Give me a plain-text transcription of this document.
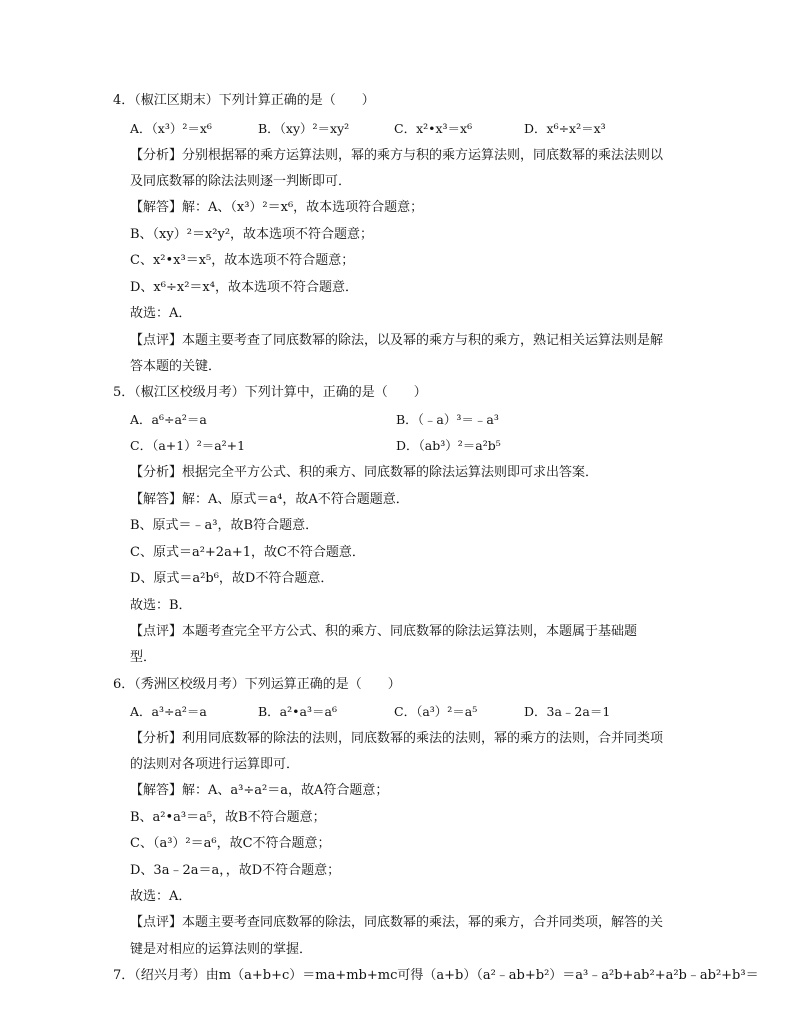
4．（椒江区期末）下列计算正确的是（　　）
A．（x³）²＝x⁶	B．（xy）²＝xy²	C．x²•x³＝x⁶	D．x⁶÷x²＝x³
【分析】分别根据幂的乘方运算法则，幂的乘方与积的乘方运算法则，同底数幂的乘法法则以
及同底数幂的除法法则逐一判断即可．
【解答】解：A、（x³）²＝x⁶，故本选项符合题意；
B、（xy）²＝x²y²，故本选项不符合题意；
C、x²•x³＝x⁵，故本选项不符合题意；
D、x⁶÷x²＝x⁴，故本选项不符合题意．
故选：A．
【点评】本题主要考查了同底数幂的除法，以及幂的乘方与积的乘方，熟记相关运算法则是解
答本题的关键．
5．（椒江区校级月考）下列计算中，正确的是（　　）
A．a⁶÷a²＝a	B．（﹣a）³＝﹣a³
C．（a+1）²＝a²+1	D．（ab³）²＝a²b⁵
【分析】根据完全平方公式、积的乘方、同底数幂的除法运算法则即可求出答案．
【解答】解：A、原式＝a⁴，故A不符合题题意．
B、原式＝﹣a³，故B符合题意．
C、原式＝a²+2a+1，故C不符合题意．
D、原式＝a²b⁶，故D不符合题意．
故选：B．
【点评】本题考查完全平方公式、积的乘方、同底数幂的除法运算法则，本题属于基础题
型．
6．（秀洲区校级月考）下列运算正确的是（　　）
A．a³÷a²＝a	B．a²•a³＝a⁶	C．（a³）²＝a⁵	D．3a﹣2a＝1
【分析】利用同底数幂的除法的法则，同底数幂的乘法的法则，幂的乘方的法则，合并同类项
的法则对各项进行运算即可．
【解答】解：A、a³÷a²＝a，故A符合题意；
B、a²•a³＝a⁵，故B不符合题意；
C、（a³）²＝a⁶，故C不符合题意；
D、3a﹣2a＝a，，故D不符合题意；
故选：A．
【点评】本题主要考查同底数幂的除法，同底数幂的乘法，幂的乘方，合并同类项，解答的关
键是对相应的运算法则的掌握．
7．（绍兴月考）由m（a+b+c）＝ma+mb+mc可得（a+b）（a²﹣ab+b²）＝a³﹣a²b+ab²+a²b﹣ab²+b³＝
